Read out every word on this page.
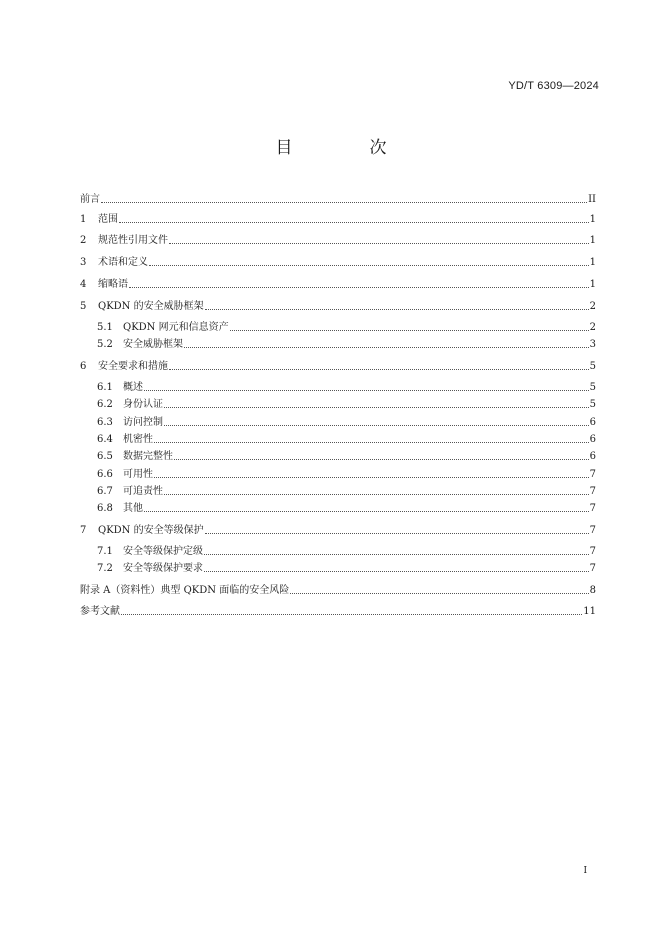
YD/T 6309—2024
目　次
前言	II
1	范围	1
2	规范性引用文件	1
3	术语和定义	1
4	缩略语	1
5	QKDN 的安全威胁框架	2
5.1	QKDN 网元和信息资产	2
5.2	安全威胁框架	3
6	安全要求和措施	5
6.1	概述	5
6.2	身份认证	5
6.3	访问控制	6
6.4	机密性	6
6.5	数据完整性	6
6.6	可用性	7
6.7	可追责性	7
6.8	其他	7
7	QKDN 的安全等级保护	7
7.1	安全等级保护定级	7
7.2	安全等级保护要求	7
附录 A（资料性）典型 QKDN 面临的安全风险	8
参考文献	11
I
